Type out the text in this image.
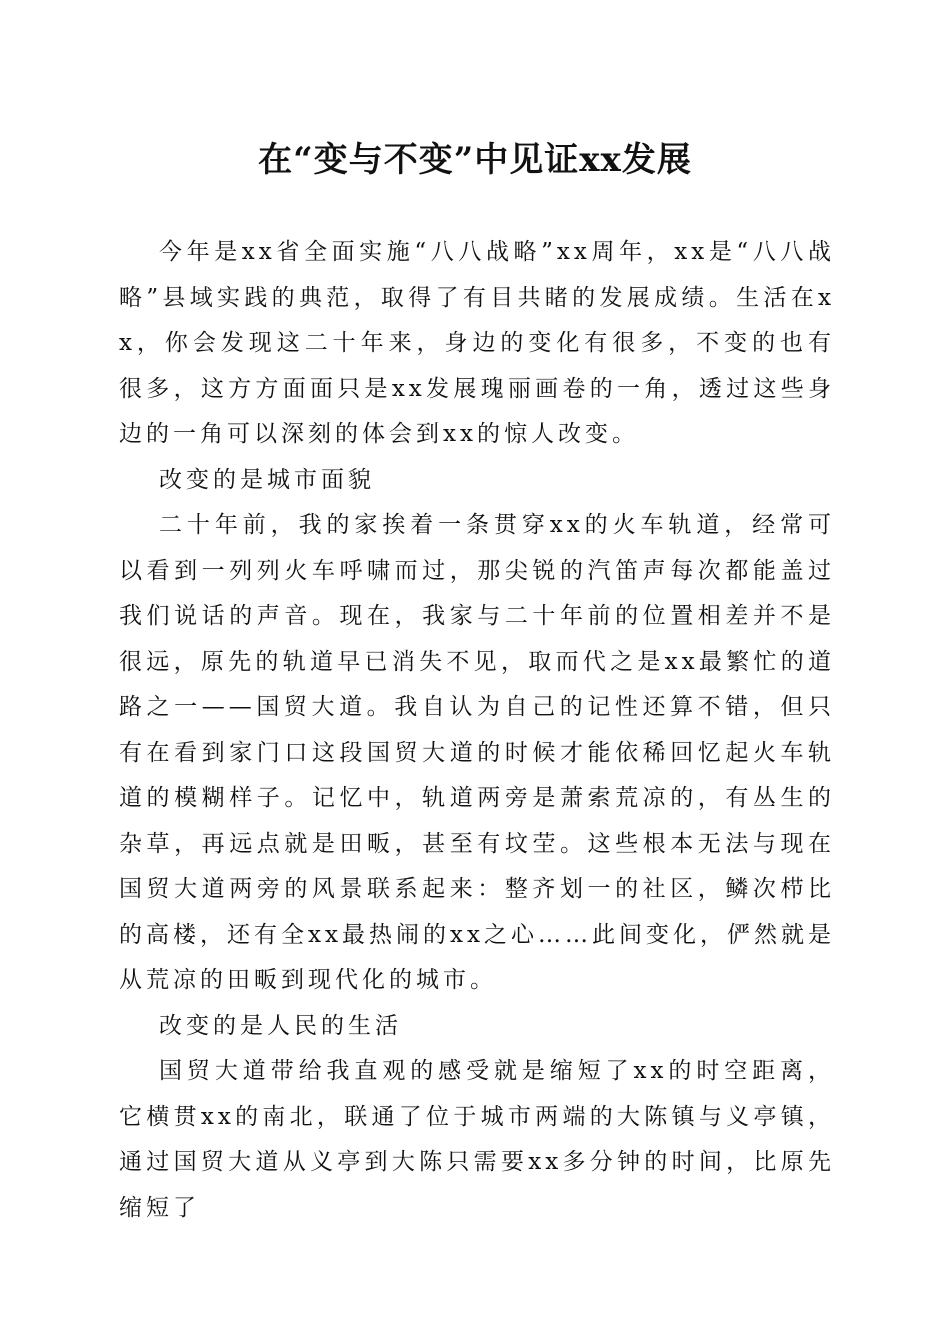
在“变与不变”中见证xx发展

今年是xx省全面实施“八八战略”xx周年，xx是“八八战略”县域实践的典范，取得了有目共睹的发展成绩。生活在xx，你会发现这二十年来，身边的变化有很多，不变的也有很多，这方方面面只是xx发展瑰丽画卷的一角，透过这些身边的一角可以深刻的体会到xx的惊人改变。

改变的是城市面貌

二十年前，我的家挨着一条贯穿xx的火车轨道，经常可以看到一列列火车呼啸而过，那尖锐的汽笛声每次都能盖过我们说话的声音。现在，我家与二十年前的位置相差并不是很远，原先的轨道早已消失不见，取而代之是xx最繁忙的道路之一——国贸大道。我自认为自己的记性还算不错，但只有在看到家门口这段国贸大道的时候才能依稀回忆起火车轨道的模糊样子。记忆中，轨道两旁是萧索荒凉的，有丛生的杂草，再远点就是田畈，甚至有坟茔。这些根本无法与现在国贸大道两旁的风景联系起来：整齐划一的社区，鳞次栉比的高楼，还有全xx最热闹的xx之心……此间变化，俨然就是从荒凉的田畈到现代化的城市。

改变的是人民的生活

国贸大道带给我直观的感受就是缩短了xx的时空距离，它横贯xx的南北，联通了位于城市两端的大陈镇与义亭镇，通过国贸大道从义亭到大陈只需要xx多分钟的时间，比原先缩短了
